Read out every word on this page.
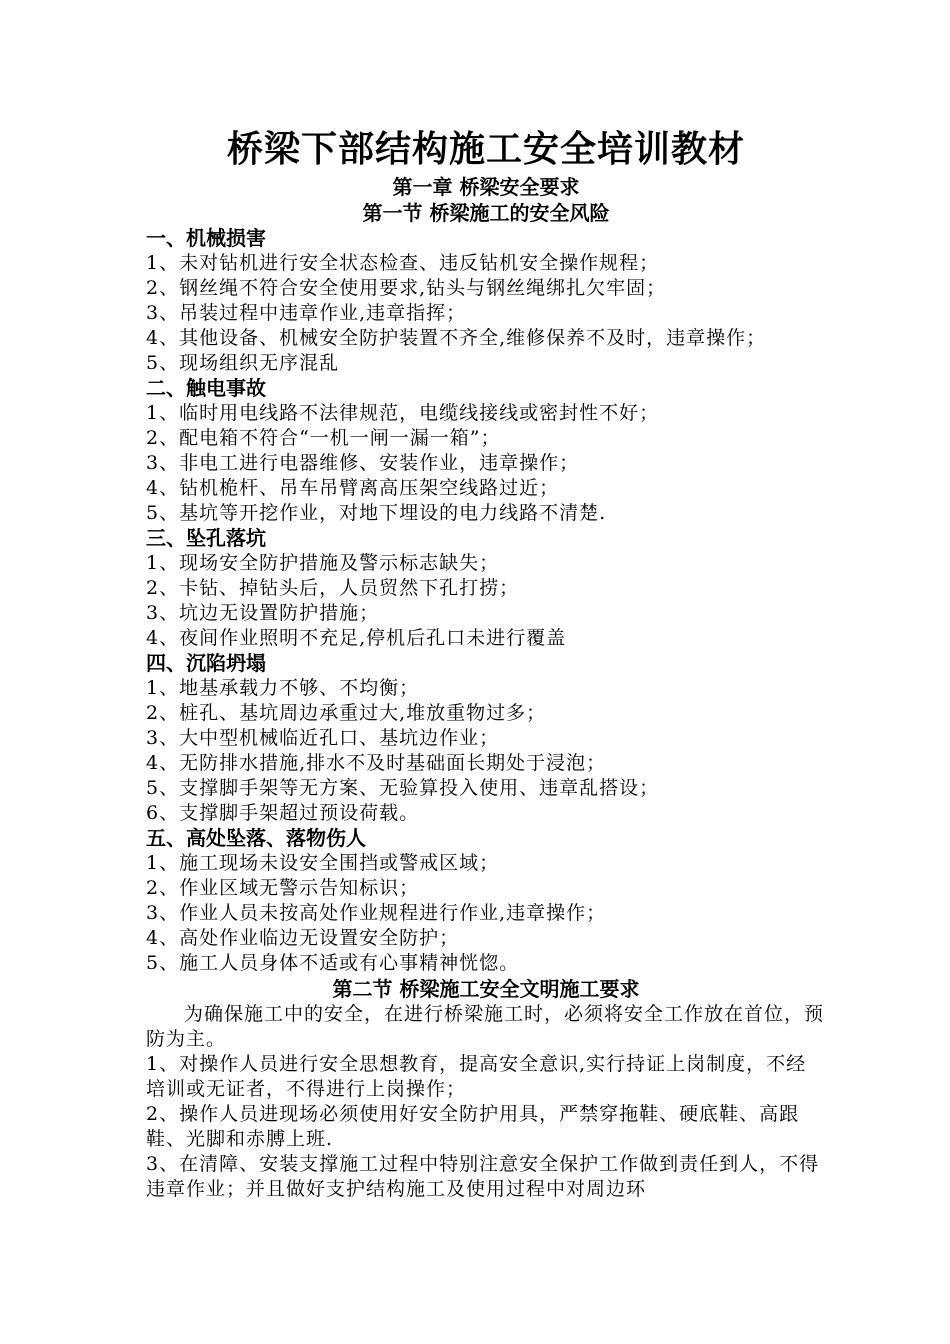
桥梁下部结构施工安全培训教材
第一章 桥梁安全要求
第一节 桥梁施工的安全风险
一、机械损害
1、未对钻机进行安全状态检查、违反钻机安全操作规程；
2、钢丝绳不符合安全使用要求,钻头与钢丝绳绑扎欠牢固；
3、吊装过程中违章作业,违章指挥；
4、其他设备、机械安全防护装置不齐全,维修保养不及时，违章操作；
5、现场组织无序混乱
二、触电事故
1、临时用电线路不法律规范，电缆线接线或密封性不好；
2、配电箱不符合“一机一闸一漏一箱”；
3、非电工进行电器维修、安装作业，违章操作；
4、钻机桅杆、吊车吊臂离高压架空线路过近；
5、基坑等开挖作业，对地下埋设的电力线路不清楚.
三、坠孔落坑
1、现场安全防护措施及警示标志缺失；
2、卡钻、掉钻头后，人员贸然下孔打捞；
3、坑边无设置防护措施；
4、夜间作业照明不充足,停机后孔口未进行覆盖
四、沉陷坍塌
1、地基承载力不够、不均衡；
2、桩孔、基坑周边承重过大,堆放重物过多；
3、大中型机械临近孔口、基坑边作业；
4、无防排水措施,排水不及时基础面长期处于浸泡；
5、支撑脚手架等无方案、无验算投入使用、违章乱搭设；
6、支撑脚手架超过预设荷载。
五、高处坠落、落物伤人
1、施工现场未设安全围挡或警戒区域；
2、作业区域无警示告知标识；
3、作业人员未按高处作业规程进行作业,违章操作；
4、高处作业临边无设置安全防护；
5、施工人员身体不适或有心事精神恍惚。
第二节 桥梁施工安全文明施工要求
为确保施工中的安全，在进行桥梁施工时，必须将安全工作放在首位，预防为主。
1、对操作人员进行安全思想教育，提高安全意识,实行持证上岗制度，不经培训或无证者，不得进行上岗操作；
2、操作人员进现场必须使用好安全防护用具，严禁穿拖鞋、硬底鞋、高跟鞋、光脚和赤膊上班.
3、在清障、安装支撑施工过程中特别注意安全保护工作做到责任到人，不得违章作业；并且做好支护结构施工及使用过程中对周边环
